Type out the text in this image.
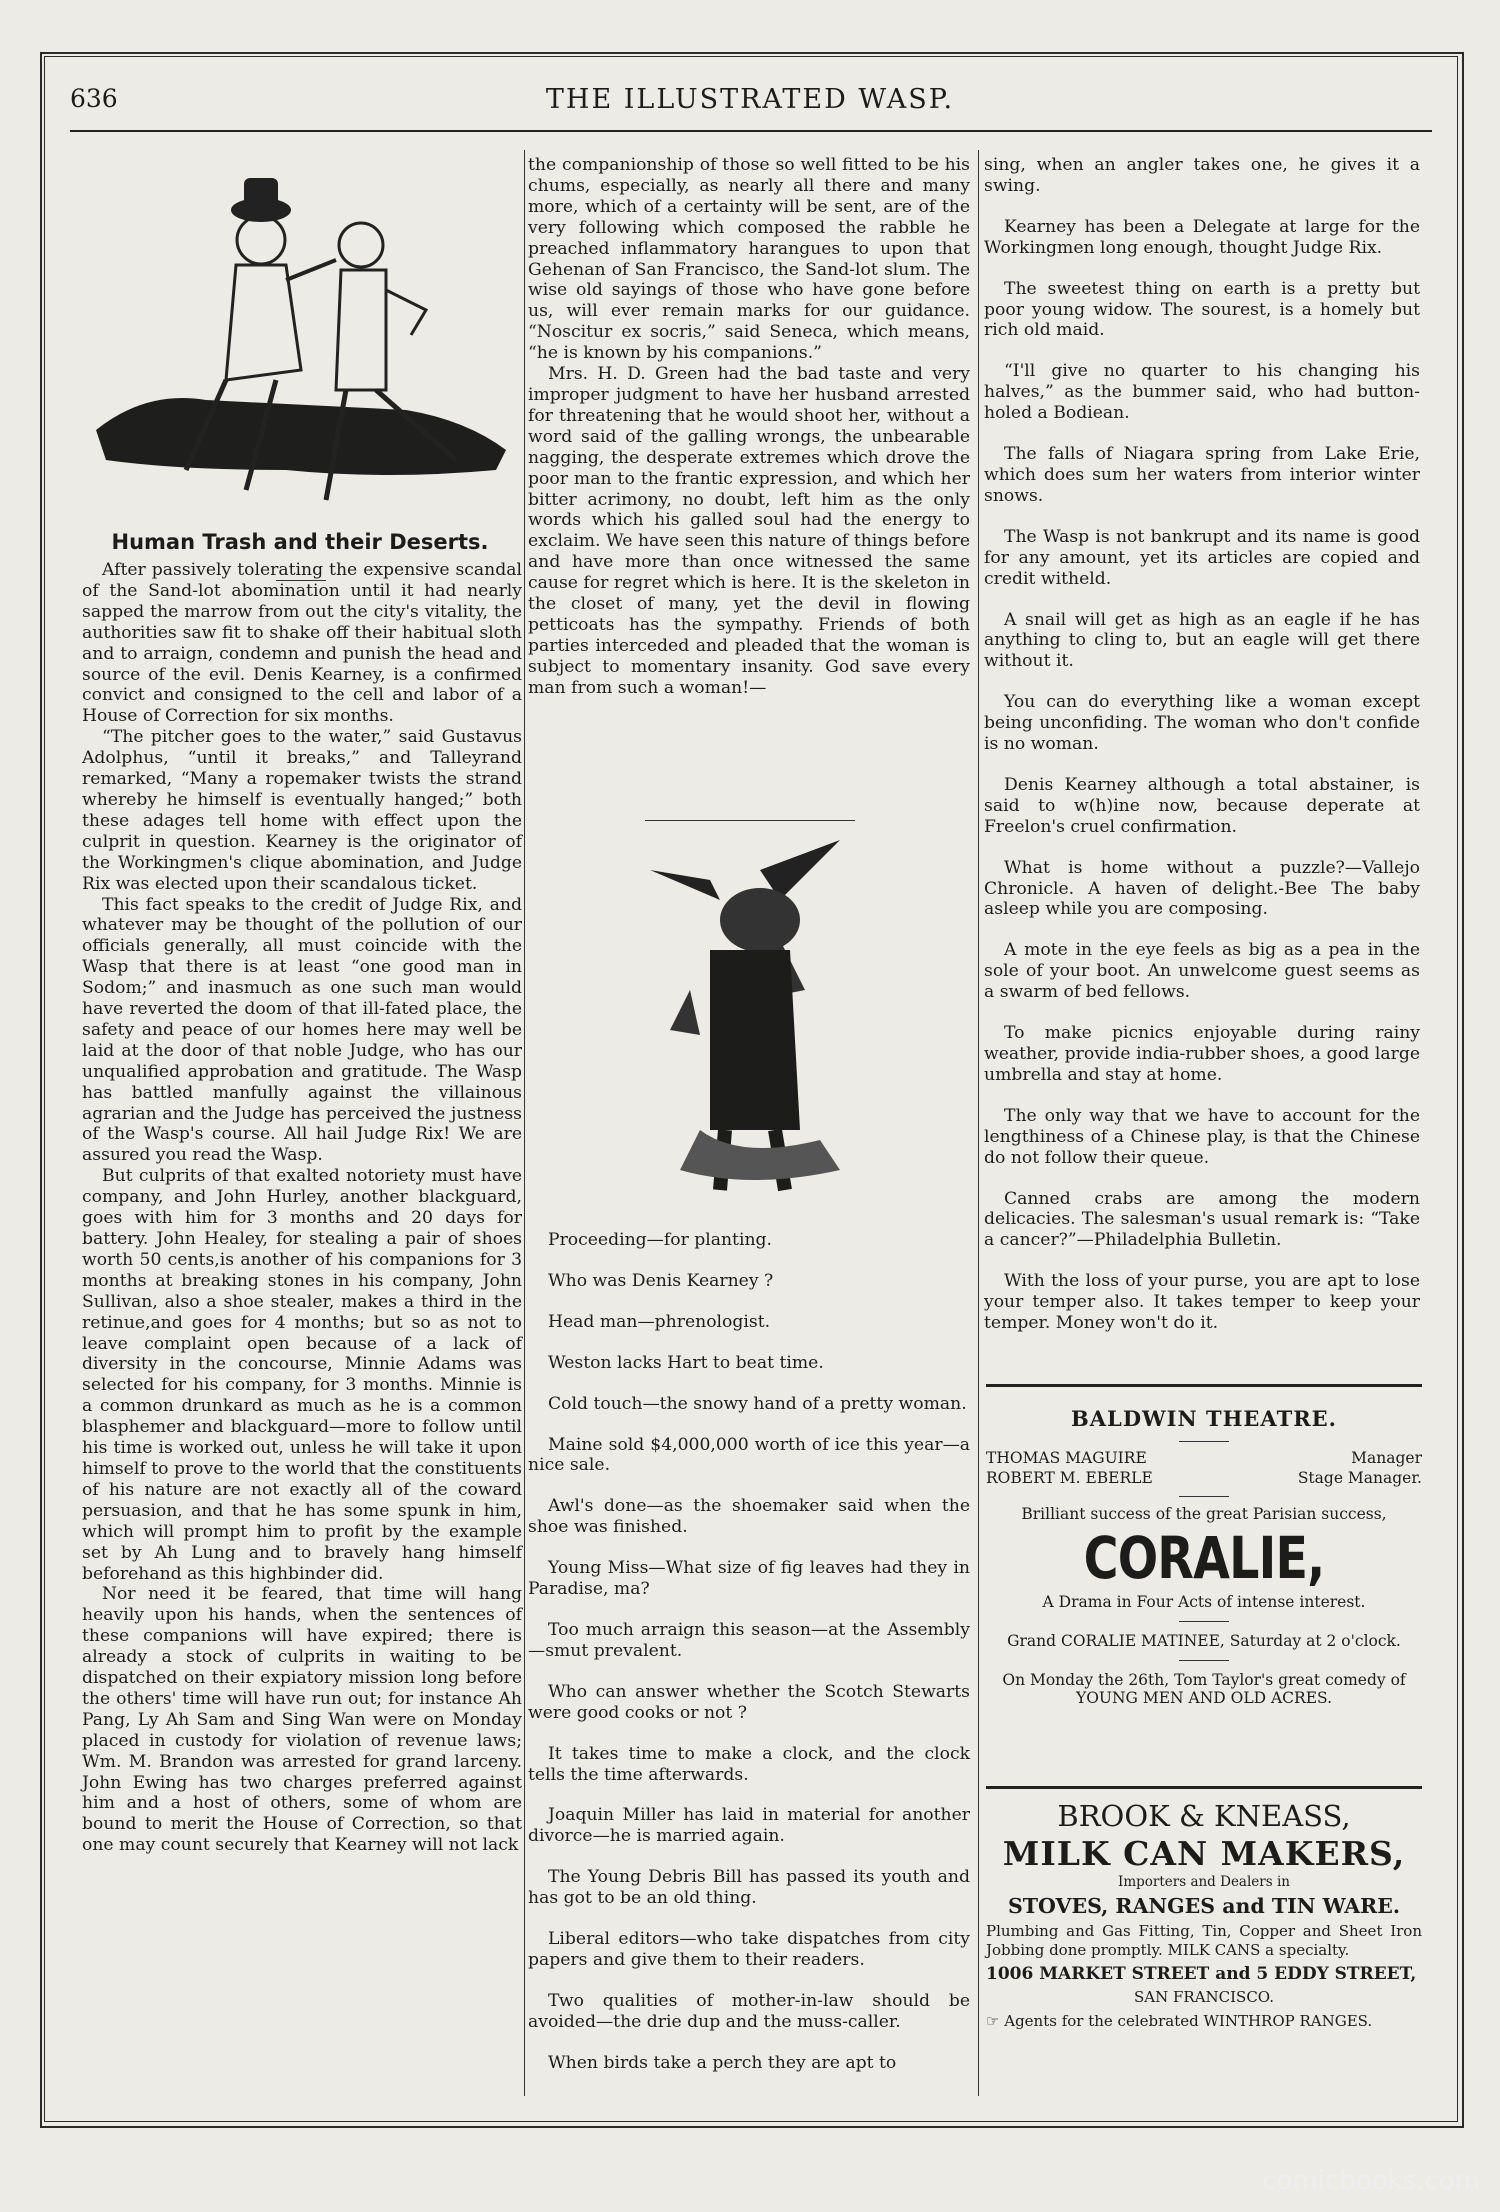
636	THE ILLUSTRATED WASP.
Human Trash and their Deserts.

After passively tolerating the expensive scandal of the Sand-lot abomination until it had nearly sapped the marrow from out the city's vitality, the authorities saw fit to shake off their habitual sloth and to arraign, condemn and punish the head and source of the evil. Denis Kearney, is a confirmed convict and consigned to the cell and labor of a House of Correction for six months.

“The pitcher goes to the water,” said Gustavus Adolphus, “until it breaks,” and Talleyrand remarked, “Many a ropemaker twists the strand whereby he himself is eventually hanged;” both these adages tell home with effect upon the culprit in question. Kearney is the originator of the Workingmen's clique abomination, and Judge Rix was elected upon their scandalous ticket.

This fact speaks to the credit of Judge Rix, and whatever may be thought of the pollution of our officials generally, all must coincide with the Wasp that there is at least “one good man in Sodom;” and inasmuch as one such man would have reverted the doom of that ill-fated place, the safety and peace of our homes here may well be laid at the door of that noble Judge, who has our unqualified approbation and gratitude. The Wasp has battled manfully against the villainous agrarian and the Judge has perceived the justness of the Wasp's course. All hail Judge Rix! We are assured you read the Wasp.

But culprits of that exalted notoriety must have company, and John Hurley, another blackguard, goes with him for 3 months and 20 days for battery. John Healey, for stealing a pair of shoes worth 50 cents,is another of his companions for 3 months at breaking stones in his company, John Sullivan, also a shoe stealer, makes a third in the retinue,and goes for 4 months; but so as not to leave complaint open because of a lack of diversity in the concourse, Minnie Adams was selected for his company, for 3 months. Minnie is a common drunkard as much as he is a common blasphemer and blackguard—more to follow until his time is worked out, unless he will take it upon himself to prove to the world that the constituents of his nature are not exactly all of the coward persuasion, and that he has some spunk in him, which will prompt him to profit by the example set by Ah Lung and to bravely hang himself beforehand as this highbinder did.

Nor need it be feared, that time will hang heavily upon his hands, when the sentences of these companions will have expired; there is already a stock of culprits in waiting to be dispatched on their expiatory mission long before the others' time will have run out; for instance Ah Pang, Ly Ah Sam and Sing Wan were on Monday placed in custody for violation of revenue laws; Wm. M. Brandon was arrested for grand larceny. John Ewing has two charges preferred against him and a host of others, some of whom are bound to merit the House of Correction, so that one may count securely that Kearney will not lack

the companionship of those so well fitted to be his chums, especially, as nearly all there and many more, which of a certainty will be sent, are of the very following which composed the rabble he preached inflammatory harangues to upon that Gehenan of San Francisco, the Sand-lot slum. The wise old sayings of those who have gone before us, will ever remain marks for our guidance. “Noscitur ex socris,” said Seneca, which means, “he is known by his companions.”

Mrs. H. D. Green had the bad taste and very improper judgment to have her husband arrested for threatening that he would shoot her, without a word said of the galling wrongs, the unbearable nagging, the desperate extremes which drove the poor man to the frantic expression, and which her bitter acrimony, no doubt, left him as the only words which his galled soul had the energy to exclaim. We have seen this nature of things before and have more than once witnessed the same cause for regret which is here. It is the skeleton in the closet of many, yet the devil in flowing petticoats has the sympathy. Friends of both parties interceded and pleaded that the woman is subject to momentary insanity. God save every man from such a woman!—

Proceeding—for planting.

Who was Denis Kearney ?

Head man—phrenologist.

Weston lacks Hart to beat time.

Cold touch—the snowy hand of a pretty woman.

Maine sold $4,000,000 worth of ice this year—a nice sale.

Awl's done—as the shoemaker said when the shoe was finished.

Young Miss—What size of fig leaves had they in Paradise, ma?

Too much arraign this season—at the Assembly—smut prevalent.

Who can answer whether the Scotch Stewarts were good cooks or not ?

It takes time to make a clock, and the clock tells the time afterwards.

Joaquin Miller has laid in material for another divorce—he is married again.

The Young Debris Bill has passed its youth and has got to be an old thing.

Liberal editors—who take dispatches from city papers and give them to their readers.

Two qualities of mother-in-law should be avoided—the drie dup and the muss-caller.

When birds take a perch they are apt to

sing, when an angler takes one, he gives it a swing.

Kearney has been a Delegate at large for the Workingmen long enough, thought Judge Rix.

The sweetest thing on earth is a pretty but poor young widow. The sourest, is a homely but rich old maid.

“I'll give no quarter to his changing his halves,” as the bummer said, who had button-holed a Bodiean.

The falls of Niagara spring from Lake Erie, which does sum her waters from interior winter snows.

The Wasp is not bankrupt and its name is good for any amount, yet its articles are copied and credit witheld.

A snail will get as high as an eagle if he has anything to cling to, but an eagle will get there without it.

You can do everything like a woman except being unconfiding. The woman who don't confide is no woman.

Denis Kearney although a total abstainer, is said to w(h)ine now, because deperate at Freelon's cruel confirmation.

What is home without a puzzle?—Vallejo Chronicle. A haven of delight.-Bee The baby asleep while you are composing.

A mote in the eye feels as big as a pea in the sole of your boot. An unwelcome guest seems as a swarm of bed fellows.

To make picnics enjoyable during rainy weather, provide india-rubber shoes, a good large umbrella and stay at home.

The only way that we have to account for the lengthiness of a Chinese play, is that the Chinese do not follow their queue.

Canned crabs are among the modern delicacies. The salesman's usual remark is: “Take a cancer?”—Philadelphia Bulletin.

With the loss of your purse, you are apt to lose your temper also. It takes temper to keep your temper. Money won't do it.

BALDWIN THEATRE.
THOMAS MAGUIRE	Manager
ROBERT M. EBERLE	Stage Manager.
Brilliant success of the great Parisian success,
CORALIE,
A Drama in Four Acts of intense interest.
Grand CORALIE MATINEE, Saturday at 2 o'clock.
On Monday the 26th, Tom Taylor's great comedy of
YOUNG MEN AND OLD ACRES.
BROOK & KNEASS,
MILK CAN MAKERS,
Importers and Dealers in
STOVES, RANGES and TIN WARE.
Plumbing and Gas Fitting, Tin, Copper and Sheet Iron Jobbing done promptly. MILK CANS a specialty.
1006 MARKET STREET and 5 EDDY STREET,
SAN FRANCISCO.
☞ Agents for the celebrated WINTHROP RANGES.
comicbooks.com
